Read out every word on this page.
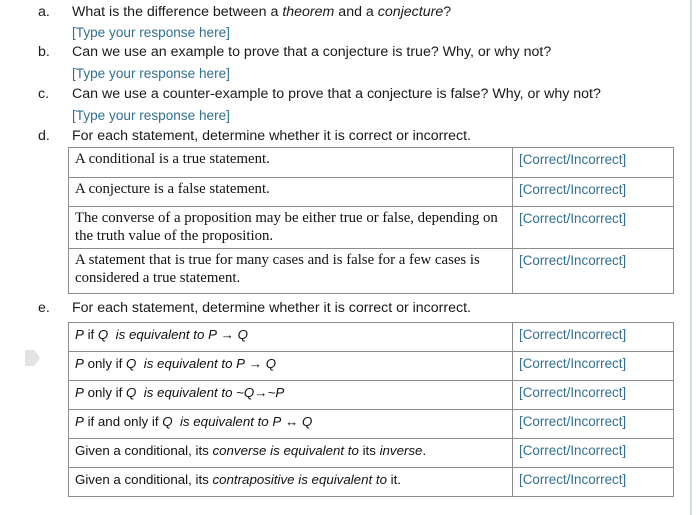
a. What is the difference between a theorem and a conjecture?
[Type your response here]
b. Can we use an example to prove that a conjecture is true? Why, or why not?
[Type your response here]
c. Can we use a counter-example to prove that a conjecture is false? Why, or why not?
[Type your response here]
d. For each statement, determine whether it is correct or incorrect.
A conditional is a true statement.	[Correct/Incorrect]
A conjecture is a false statement.	[Correct/Incorrect]
The converse of a proposition may be either true or false, depending on the truth value of the proposition.	[Correct/Incorrect]
A statement that is true for many cases and is false for a few cases is considered a true statement.	[Correct/Incorrect]
e. For each statement, determine whether it is correct or incorrect.
P if Q is equivalent to P → Q	[Correct/Incorrect]
P only if Q is equivalent to P → Q	[Correct/Incorrect]
P only if Q is equivalent to ~Q→~P	[Correct/Incorrect]
P if and only if Q is equivalent to P ↔ Q	[Correct/Incorrect]
Given a conditional, its converse is equivalent to its inverse.	[Correct/Incorrect]
Given a conditional, its contrapositive is equivalent to it.	[Correct/Incorrect]
